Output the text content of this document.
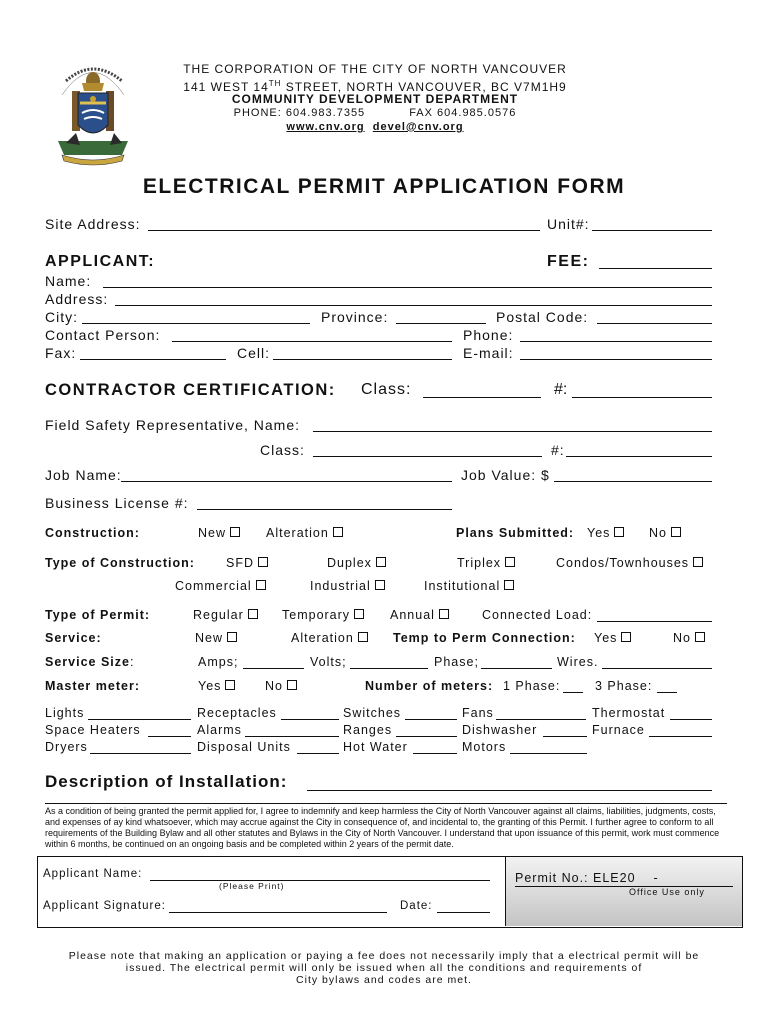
THE CORPORATION OF THE CITY OF NORTH VANCOUVER
141 WEST 14TH STREET, NORTH VANCOUVER, BC V7M1H9
COMMUNITY DEVELOPMENT DEPARTMENT
PHONE: 604.983.7355	FAX 604.985.0576
www.cnv.org devel@cnv.org
ELECTRICAL PERMIT APPLICATION FORM
Site Address:	Unit#:
APPLICANT:	FEE:
Name:
Address:
City:	Province:	Postal Code:
Contact Person:	Phone:
Fax:	Cell:	E-mail:
CONTRACTOR CERTIFICATION: Class:	#:
Field Safety Representative, Name:
Class:	#:
Job Name:	Job Value: $
Business License #:
Construction:	New	Alteration	Plans Submitted: Yes	No
Type of Construction: SFD	Duplex	Triplex	Condos/Townhouses
Commercial	Industrial	Institutional
Type of Permit:	Regular	Temporary	Annual	Connected Load:
Service:	New	Alteration	Temp to Perm Connection: Yes	No
Service Size:	Amps;	Volts;	Phase;	Wires.
Master meter:	Yes	No	Number of meters: 1 Phase:	3 Phase:
Lights	Receptacles	Switches	Fans	Thermostat
Space Heaters	Alarms	Ranges	Dishwasher	Furnace
Dryers	Disposal Units	Hot Water	Motors
Description of Installation:
As a condition of being granted the permit applied for, I agree to indemnify and keep harmless the City of North Vancouver against all claims, liabilities, judgments, costs, and expenses of ay kind whatsoever, which may accrue against the City in consequence of, and incidental to, the granting of this Permit. I further agree to conform to all requirements of the Building Bylaw and all other statutes and Bylaws in the City of North Vancouver. I understand that upon issuance of this permit, work must commence within 6 months, be continued on an ongoing basis and be completed within 2 years of the permit date.
Applicant Name:
(Please Print)
Applicant Signature:	Date:
Permit No.: ELE20 -
Office Use only
Please note that making an application or paying a fee does not necessarily imply that a electrical permit will be
issued. The electrical permit will only be issued when all the conditions and requirements of
City bylaws and codes are met.
